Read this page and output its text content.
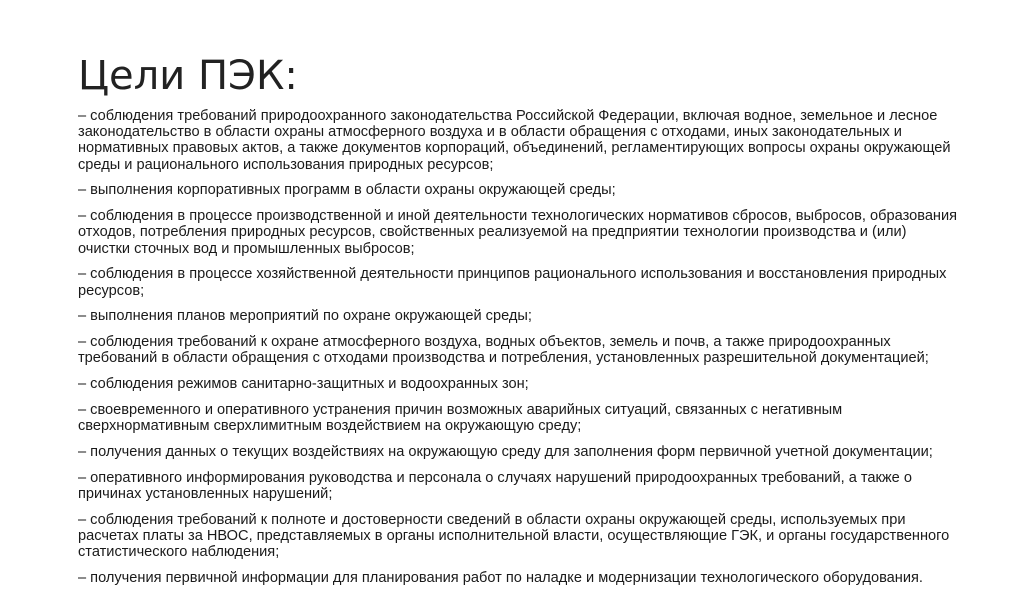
Цели ПЭК:
– соблюдения требований природоохранного законодательства Российской Федерации, включая водное, земельное и лесное законодательство в области охраны атмосферного воздуха и в области обращения с отходами, иных законодательных и нормативных правовых актов, а также документов корпораций, объединений, регламентирующих вопросы охраны окружающей среды и рационального использования природных ресурсов;
– выполнения корпоративных программ в области охраны окружающей среды;
– соблюдения в процессе производственной и иной деятельности технологических нормативов сбросов, выбросов, образования отходов, потребления природных ресурсов, свойственных реализуемой на предприятии технологии производства и (или) очистки сточных вод и промышленных выбросов;
– соблюдения в процессе хозяйственной деятельности принципов рационального использования и восстановления природных ресурсов;
– выполнения планов мероприятий по охране окружающей среды;
– соблюдения требований к охране атмосферного воздуха, водных объектов, земель и почв, а также природоохранных требований в области обращения с отходами производства и потребления, установленных разрешительной документацией;
– соблюдения режимов санитарно-защитных и водоохранных зон;
– своевременного и оперативного устранения причин возможных аварийных ситуаций, связанных с негативным сверхнормативным сверхлимитным воздействием на окружающую среду;
– получения данных о текущих воздействиях на окружающую среду для заполнения форм первичной учетной документации;
– оперативного информирования руководства и персонала о случаях нарушений природоохранных требований, а также о причинах установленных нарушений;
– соблюдения требований к полноте и достоверности сведений в области охраны окружающей среды, используемых при расчетах платы за НВОС, представляемых в органы исполнительной власти, осуществляющие ГЭК, и органы государственного статистического наблюдения;
– получения первичной информации для планирования работ по наладке и модернизации технологического оборудования.
